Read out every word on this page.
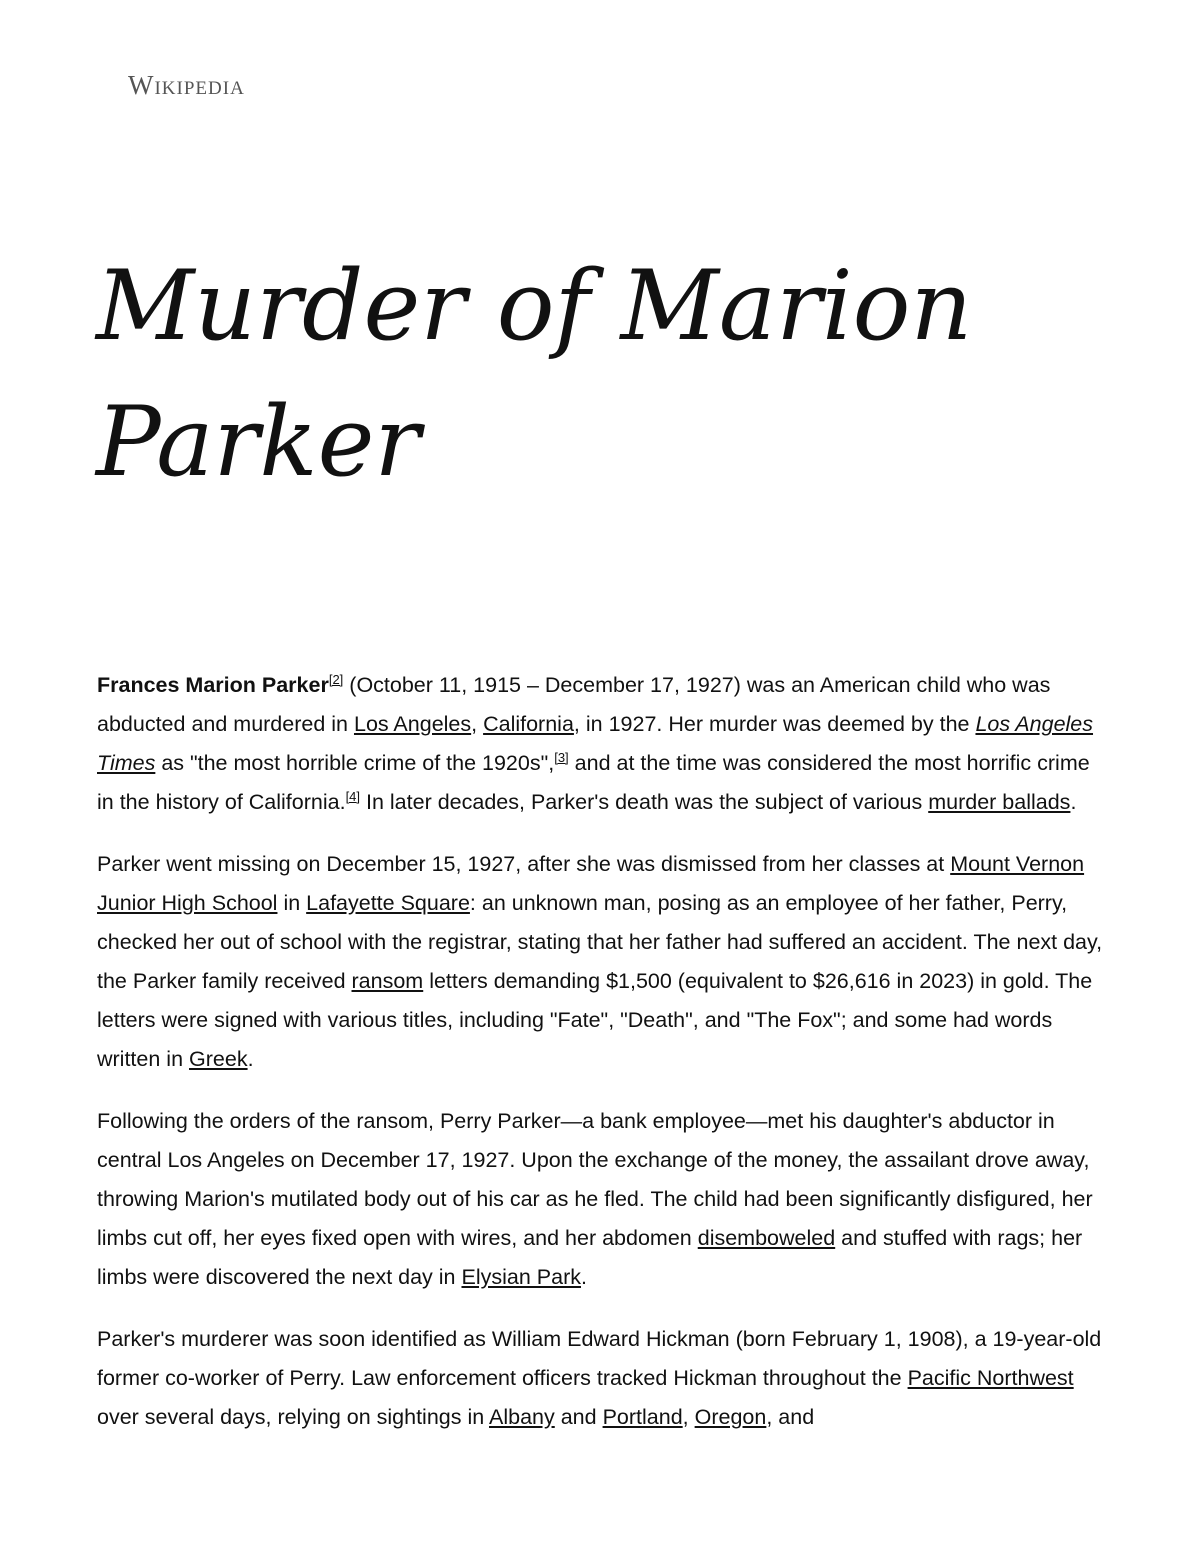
Wikipedia
Murder of Marion Parker

Frances Marion Parker[2] (October 11, 1915 – December 17, 1927) was an American child who was abducted and murdered in Los Angeles, California, in 1927. Her murder was deemed by the Los Angeles Times as "the most horrible crime of the 1920s",[3] and at the time was considered the most horrific crime in the history of California.[4] In later decades, Parker's death was the subject of various murder ballads.

Parker went missing on December 15, 1927, after she was dismissed from her classes at Mount Vernon Junior High School in Lafayette Square: an unknown man, posing as an employee of her father, Perry, checked her out of school with the registrar, stating that her father had suffered an accident. The next day, the Parker family received ransom letters demanding $1,500 (equivalent to $26,616 in 2023) in gold. The letters were signed with various titles, including "Fate", "Death", and "The Fox"; and some had words written in Greek.

Following the orders of the ransom, Perry Parker—a bank employee—met his daughter's abductor in central Los Angeles on December 17, 1927. Upon the exchange of the money, the assailant drove away, throwing Marion's mutilated body out of his car as he fled. The child had been significantly disfigured, her limbs cut off, her eyes fixed open with wires, and her abdomen disemboweled and stuffed with rags; her limbs were discovered the next day in Elysian Park.

Parker's murderer was soon identified as William Edward Hickman (born February 1, 1908), a 19-year-old former co-worker of Perry. Law enforcement officers tracked Hickman throughout the Pacific Northwest over several days, relying on sightings in Albany and Portland, Oregon, and
